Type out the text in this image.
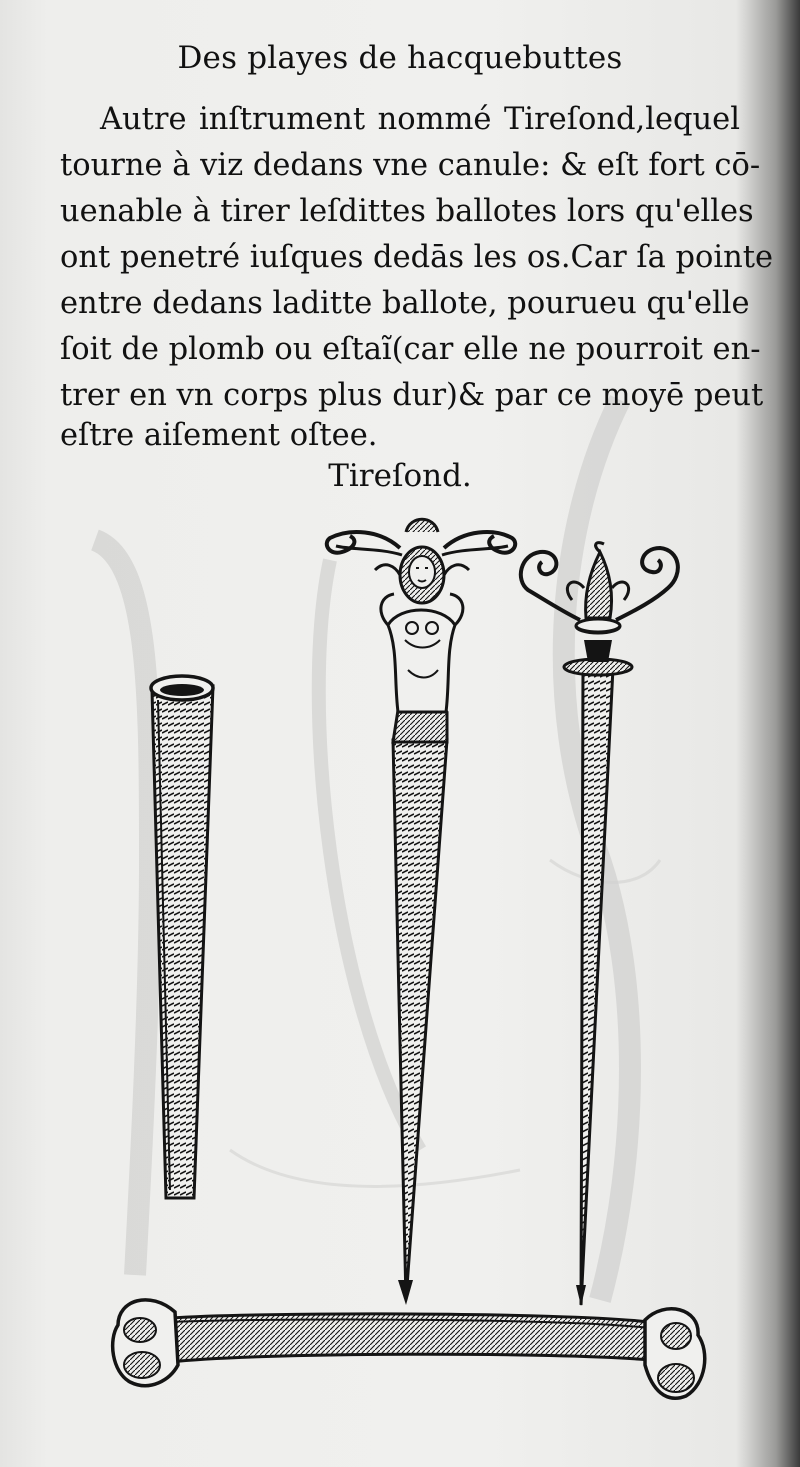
Des playes de hacquebuttes
Autre inſtrument nommé Tireſond,lequel
tourne à viz dedans vne canule: & eſt fort cō-
uenable à tirer leſdittes ballotes lors qu'elles
ont penetré iuſques dedās les os.Car ſa pointe
entre dedans laditte ballote, pourueu qu'elle
ſoit de plomb ou eſtaĩ(car elle ne pourroit en-
trer en vn corps plus dur)& par ce moyē peut
eſtre aiſement oſtee.
Tireſond.
